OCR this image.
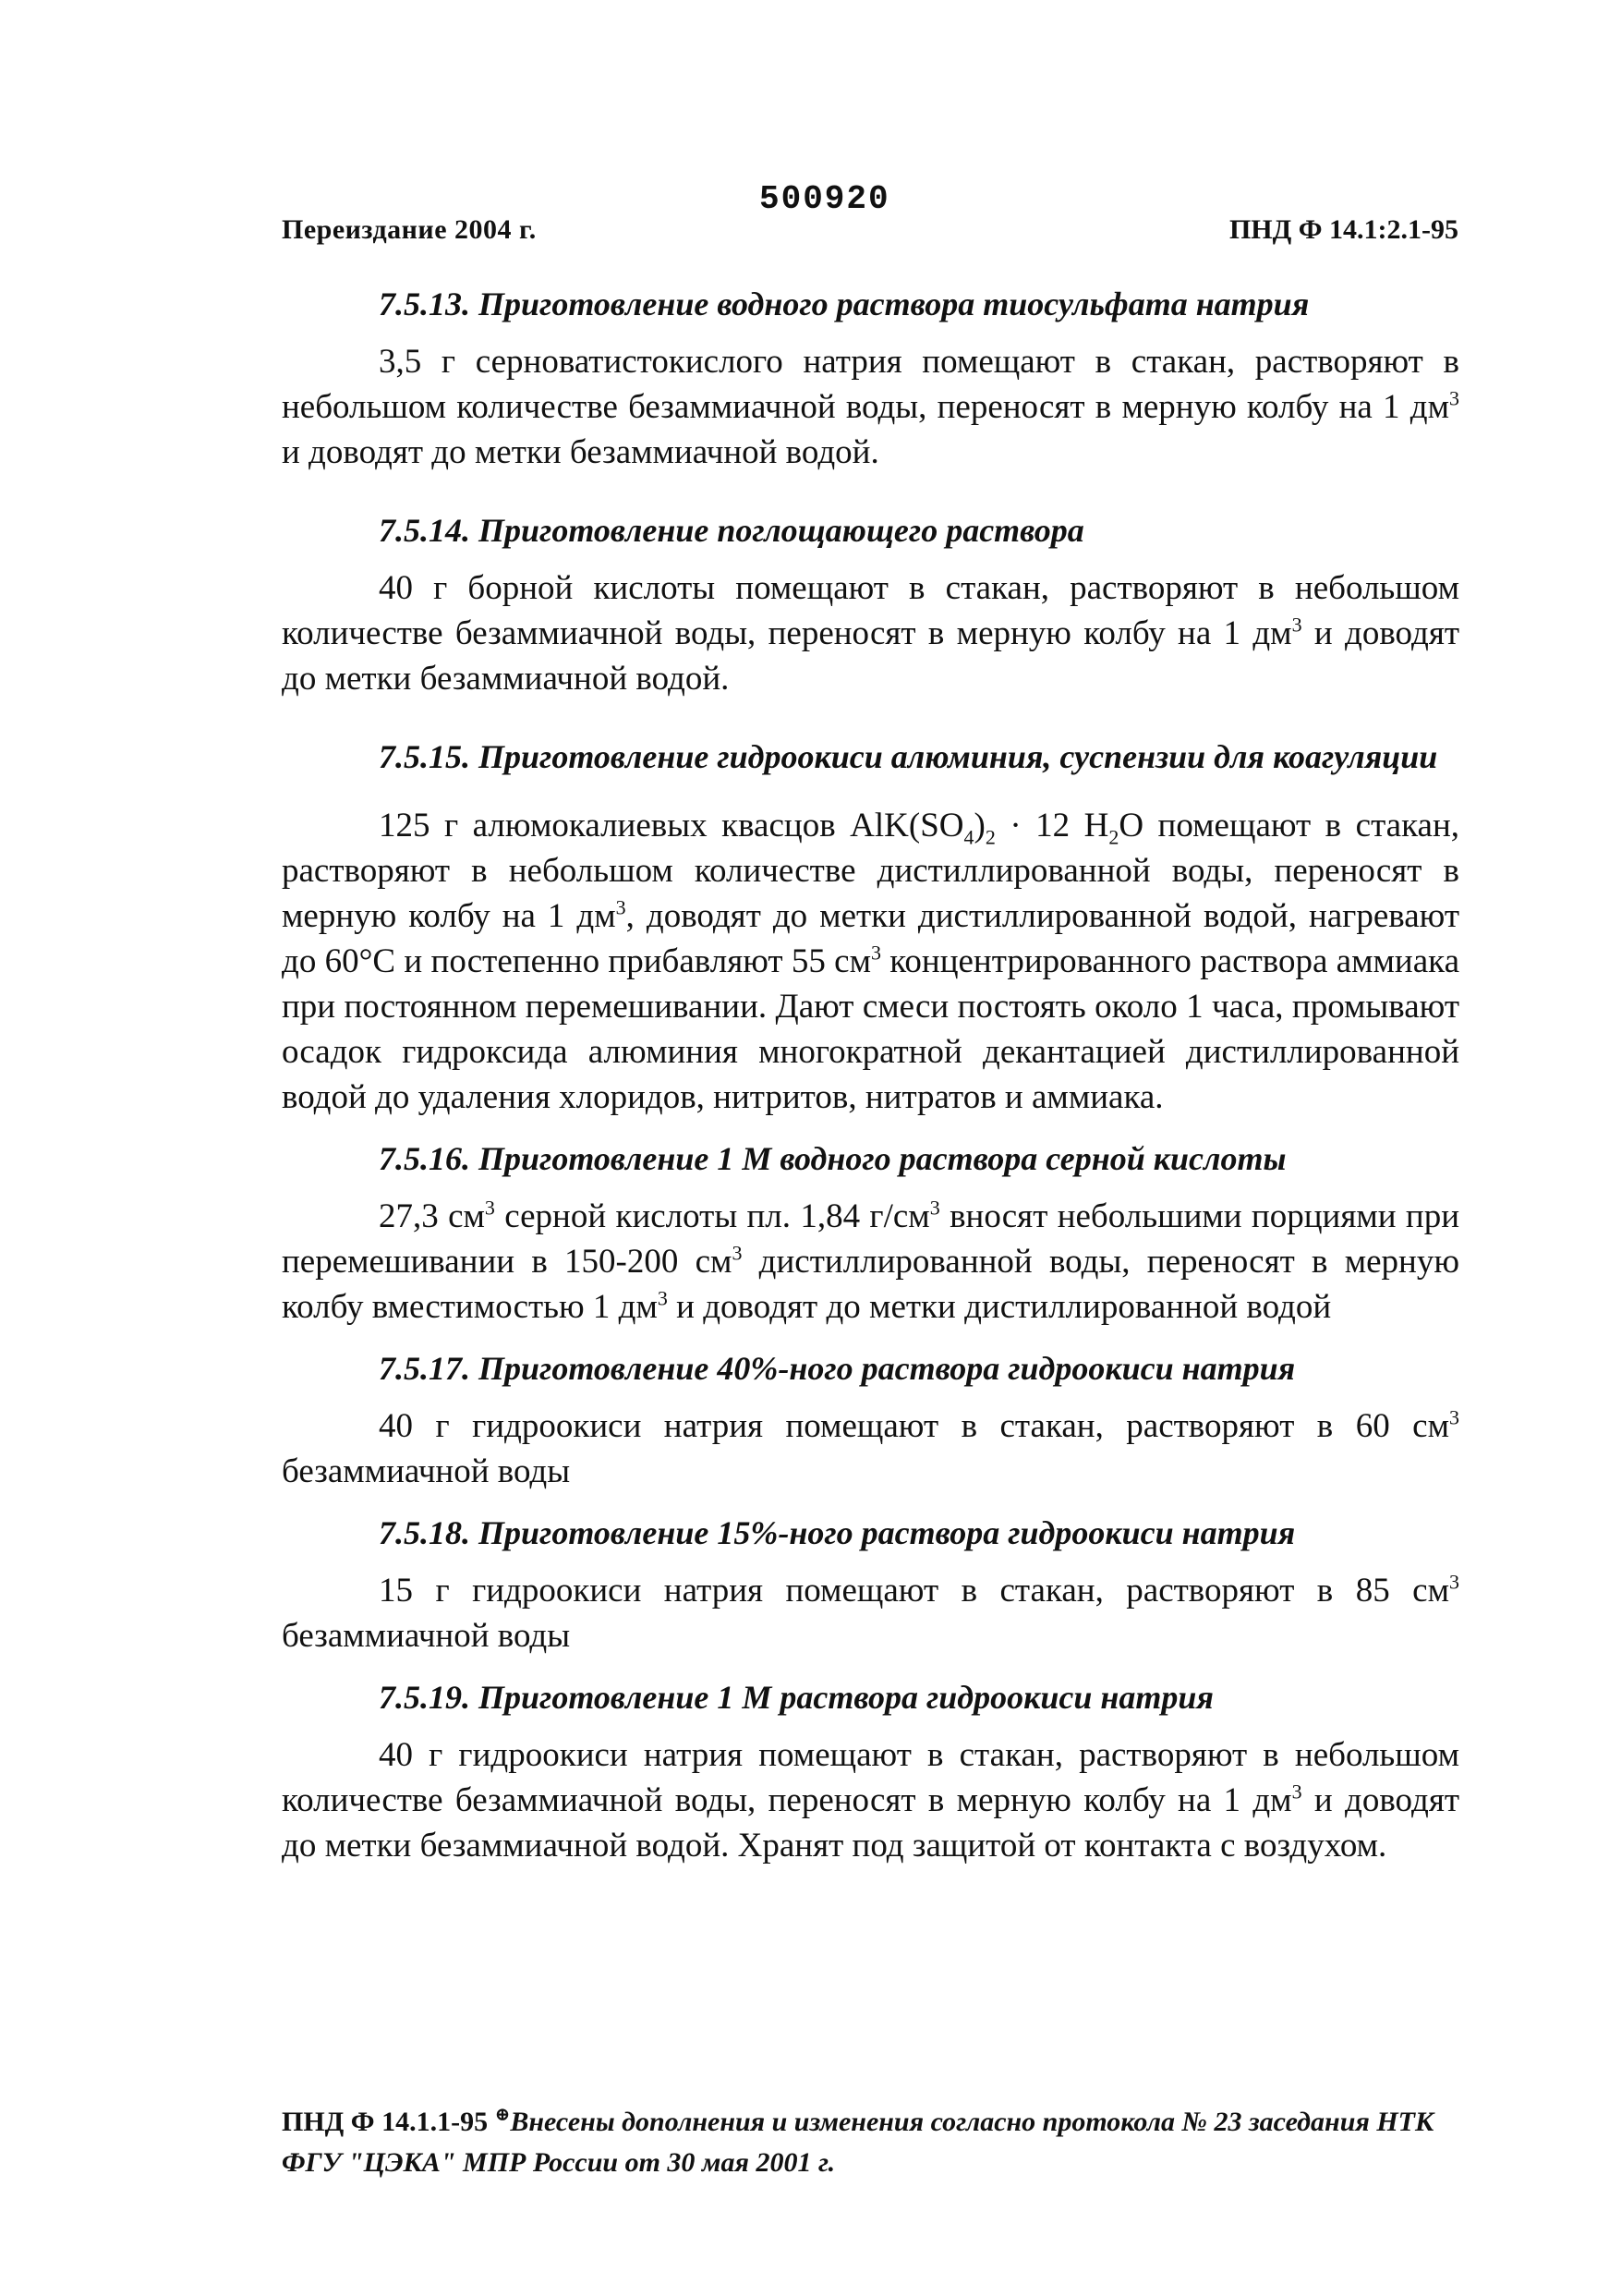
Переиздание 2004 г.
500920
ПНД Ф 14.1:2.1-95

7.5.13. Приготовление водного раствора тиосульфата натрия

3,5 г серноватистокислого натрия помещают в стакан, растворяют в небольшом количестве безаммиачной воды, переносят в мерную колбу на 1 $дм^3$ и доводят до метки безаммиачной водой.

7.5.14. Приготовление поглощающего раствора

40 г борной кислоты помещают в стакан, растворяют в небольшом количестве безаммиачной воды, переносят в мерную колбу на 1 $дм^3$ и доводят до метки безаммиачной водой.

7.5.15. Приготовление гидроокиси алюминия, суспензии для коагуляции

125 г алюмокалиевых квасцов $AlK(SO_4)_2 \cdot 12$ $H_2O$ помещают в стакан, растворяют в небольшом количестве дистиллированной воды, переносят в мерную колбу на 1 $дм^3$, доводят до метки дистиллированной водой, нагревают до 60°С и постепенно прибавляют 55 $см^3$ концентрированного раствора аммиака при постоянном перемешивании. Дают смеси постоять около 1 часа, промывают осадок гидроксида алюминия многократной декантацией дистиллированной водой до удаления хлоридов, нитритов, нитратов и аммиака.

7.5.16. Приготовление 1 М водного раствора серной кислоты

27,3 $см^3$ серной кислоты пл. 1,84 $г/см^3$ вносят небольшими порциями при перемешивании в 150-200 $см^3$ дистиллированной воды, переносят в мерную колбу вместимостью 1 $дм^3$ и доводят до метки дистиллированной водой

7.5.17. Приготовление 40%-ного раствора гидроокиси натрия

40 г гидроокиси натрия помещают в стакан, растворяют в 60 $см^3$ безаммиачной воды

7.5.18. Приготовление 15%-ного раствора гидроокиси натрия

15 г гидроокиси натрия помещают в стакан, растворяют в 85 $см^3$ безаммиачной воды

7.5.19. Приготовление 1 М раствора гидроокиси натрия

40 г гидроокиси натрия помещают в стакан, растворяют в небольшом количестве безаммиачной воды, переносят в мерную колбу на 1 $дм^3$ и доводят до метки безаммиачной водой. Хранят под защитой от контакта с воздухом.

ПНД Ф 14.1.1-95 ⊕Внесены дополнения и изменения согласно протокола № 23 заседания НТК ФГУ "ЦЭКА" МПР России от 30 мая 2001 г.
